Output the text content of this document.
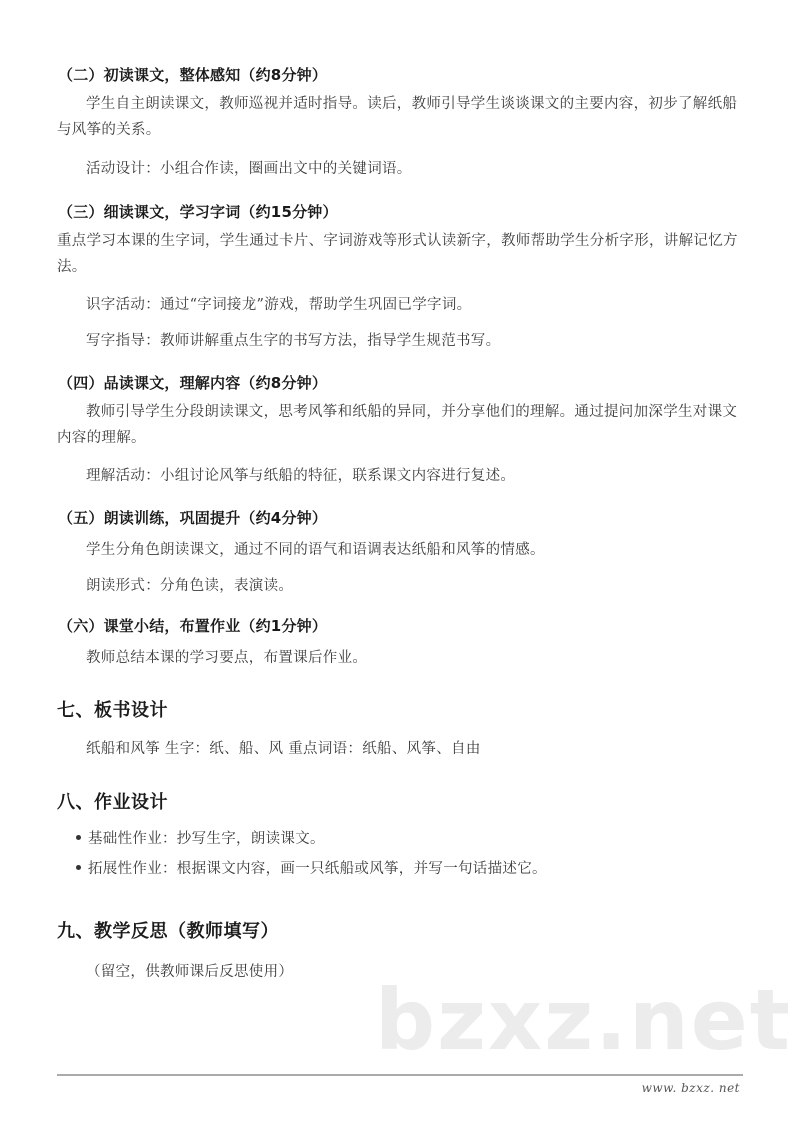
（二）初读课文，整体感知（约8分钟）
学生自主朗读课文，教师巡视并适时指导。读后，教师引导学生谈谈课文的主要内容，初步了解纸船与风筝的关系。
活动设计：小组合作读，圈画出文中的关键词语。
（三）细读课文，学习字词（约15分钟）
重点学习本课的生字词，学生通过卡片、字词游戏等形式认读新字，教师帮助学生分析字形，讲解记忆方法。
识字活动：通过“字词接龙”游戏，帮助学生巩固已学字词。
写字指导：教师讲解重点生字的书写方法，指导学生规范书写。
（四）品读课文，理解内容（约8分钟）
教师引导学生分段朗读课文，思考风筝和纸船的异同，并分享他们的理解。通过提问加深学生对课文内容的理解。
理解活动：小组讨论风筝与纸船的特征，联系课文内容进行复述。
（五）朗读训练，巩固提升（约4分钟）
学生分角色朗读课文，通过不同的语气和语调表达纸船和风筝的情感。
朗读形式：分角色读，表演读。
（六）课堂小结，布置作业（约1分钟）
教师总结本课的学习要点，布置课后作业。
七、板书设计
纸船和风筝 生字：纸、船、风 重点词语：纸船、风筝、自由
八、作业设计
基础性作业：抄写生字，朗读课文。
拓展性作业：根据课文内容，画一只纸船或风筝，并写一句话描述它。
九、教学反思（教师填写）
（留空，供教师课后反思使用） bzxz.net
www. bzxz. net
